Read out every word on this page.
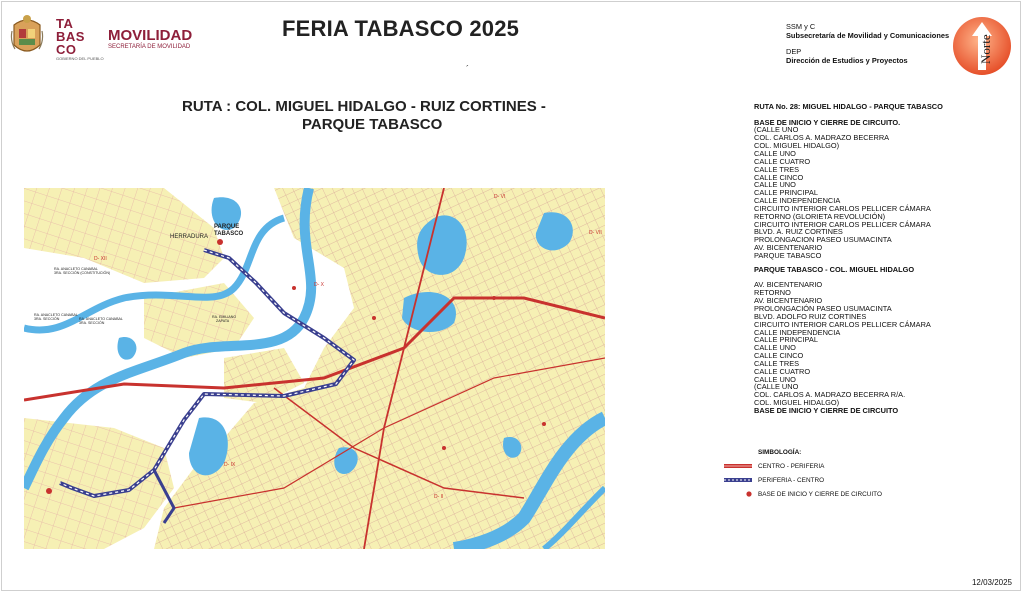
TA
BAS
CO
GOBIERNO DEL PUEBLO
MOVILIDAD
SECRETARÍA DE MOVILIDAD
FERIA TABASCO 2025
´
SSM y C
Subsecretaría de Movilidad y Comunicaciones
DEP
Dirección de Estudios y Proyectos	Norte
RUTA : COL. MIGUEL HIDALGO - RUIZ CORTINES -
PARQUE TABASCO
PARQUE TABASCO
HERRADURA
RA. ANACLETO CANABAL 3RA. SECCIÓN (CONSTITUCIÓN)
RA. ANACLETO CANABAL 3RA. SECCIÓN	RA. ANACLETO CANABAL 3RA. SECCIÓN
RA. EMILIANO ZAPATA
D- XII
D- VI
D- VII
D- IX
D- X
D- II
RUTA No. 28: MIGUEL HIDALGO - PARQUE TABASCO
BASE DE INICIO Y CIERRE DE CIRCUITO.
(CALLE UNO
COL. CARLOS A. MADRAZO BECERRA
COL. MIGUEL HIDALGO)
CALLE UNO
CALLE CUATRO
CALLE TRES
CALLE CINCO
CALLE UNO
CALLE PRINCIPAL
CALLE INDEPENDENCIA
CIRCUITO INTERIOR CARLOS PELLICER CÁMARA
RETORNO (GLORIETA REVOLUCIÓN)
CIRCUITO INTERIOR CARLOS PELLICER CÁMARA
BLVD. A. RUIZ CORTINES
PROLONGACION PASEO USUMACINTA
AV. BICENTENARIO
PARQUE TABASCO
PARQUE TABASCO - COL. MIGUEL HIDALGO
AV. BICENTENARIO
RETORNO
AV. BICENTENARIO
PROLONGACIÓN PASEO USUMACINTA
BLVD. ADOLFO RUIZ CORTINES
CIRCUITO INTERIOR CARLOS PELLICER CÁMARA
CALLE INDEPENDENCIA
CALLE PRINCIPAL
CALLE UNO
CALLE CINCO
CALLE TRES
CALLE CUATRO
CALLE UNO
(CALLE UNO
COL. CARLOS A. MADRAZO BECERRA R/A.
COL. MIGUEL HIDALGO)
BASE DE INICIO Y CIERRE DE CIRCUITO
SIMBOLOGÍA:
CENTRO - PERIFERIA
PERIFERIA - CENTRO
BASE DE INICIO Y CIERRE DE CIRCUITO
12/03/2025
